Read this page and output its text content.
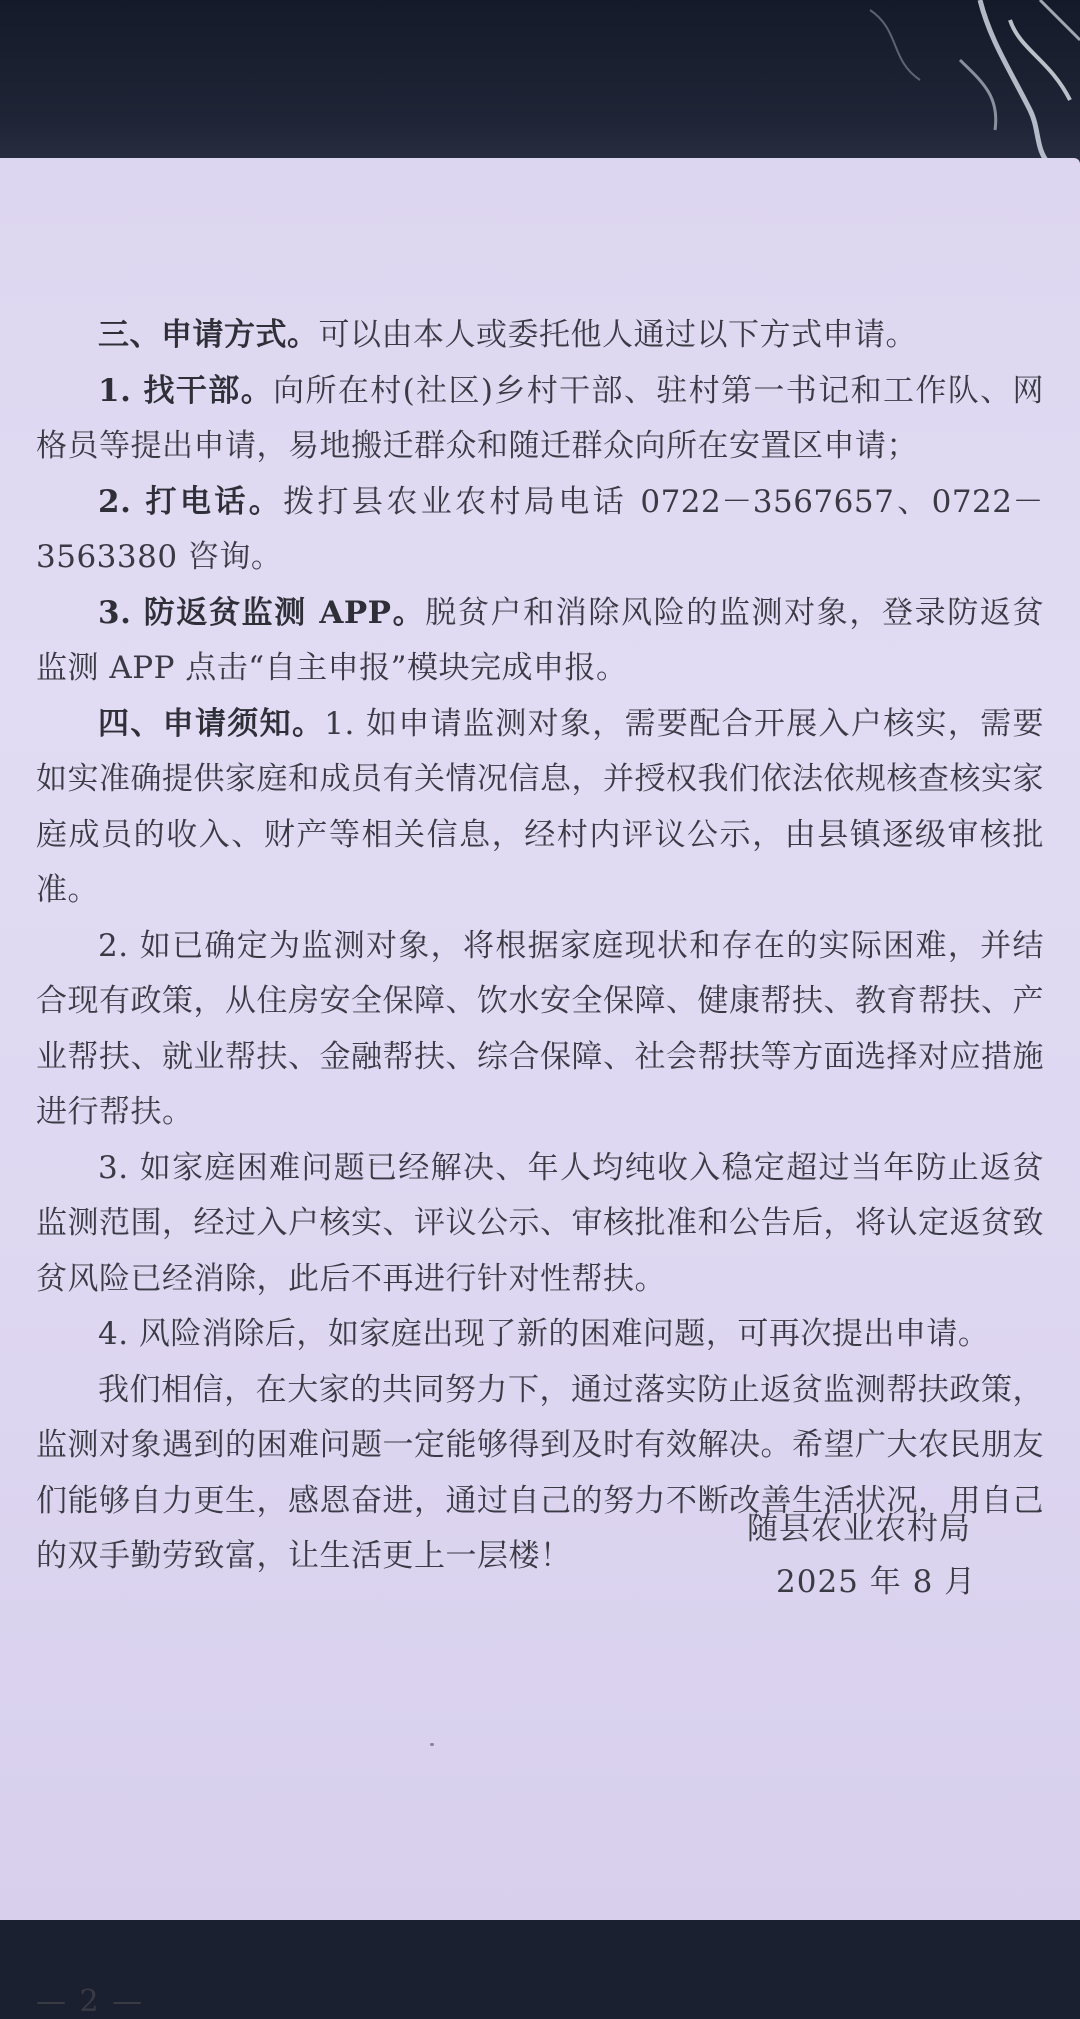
三、申请方式。可以由本人或委托他人通过以下方式申请。

1. 找干部。向所在村(社区)乡村干部、驻村第一书记和工作队、网格员等提出申请，易地搬迁群众和随迁群众向所在安置区申请；

2. 打电话。拨打县农业农村局电话 0722－3567657、0722－3563380 咨询。

3. 防返贫监测 APP。脱贫户和消除风险的监测对象，登录防返贫监测 APP 点击“自主申报”模块完成申报。

四、申请须知。1. 如申请监测对象，需要配合开展入户核实，需要如实准确提供家庭和成员有关情况信息，并授权我们依法依规核查核实家庭成员的收入、财产等相关信息，经村内评议公示，由县镇逐级审核批准。

2. 如已确定为监测对象，将根据家庭现状和存在的实际困难，并结合现有政策，从住房安全保障、饮水安全保障、健康帮扶、教育帮扶、产业帮扶、就业帮扶、金融帮扶、综合保障、社会帮扶等方面选择对应措施进行帮扶。

3. 如家庭困难问题已经解决、年人均纯收入稳定超过当年防止返贫监测范围，经过入户核实、评议公示、审核批准和公告后，将认定返贫致贫风险已经消除，此后不再进行针对性帮扶。

4. 风险消除后，如家庭出现了新的困难问题，可再次提出申请。

我们相信，在大家的共同努力下，通过落实防止返贫监测帮扶政策，监测对象遇到的困难问题一定能够得到及时有效解决。希望广大农民朋友们能够自力更生，感恩奋进，通过自己的努力不断改善生活状况，用自己的双手勤劳致富，让生活更上一层楼！

随县农业农村局
2025 年 8 月
— 2 —
